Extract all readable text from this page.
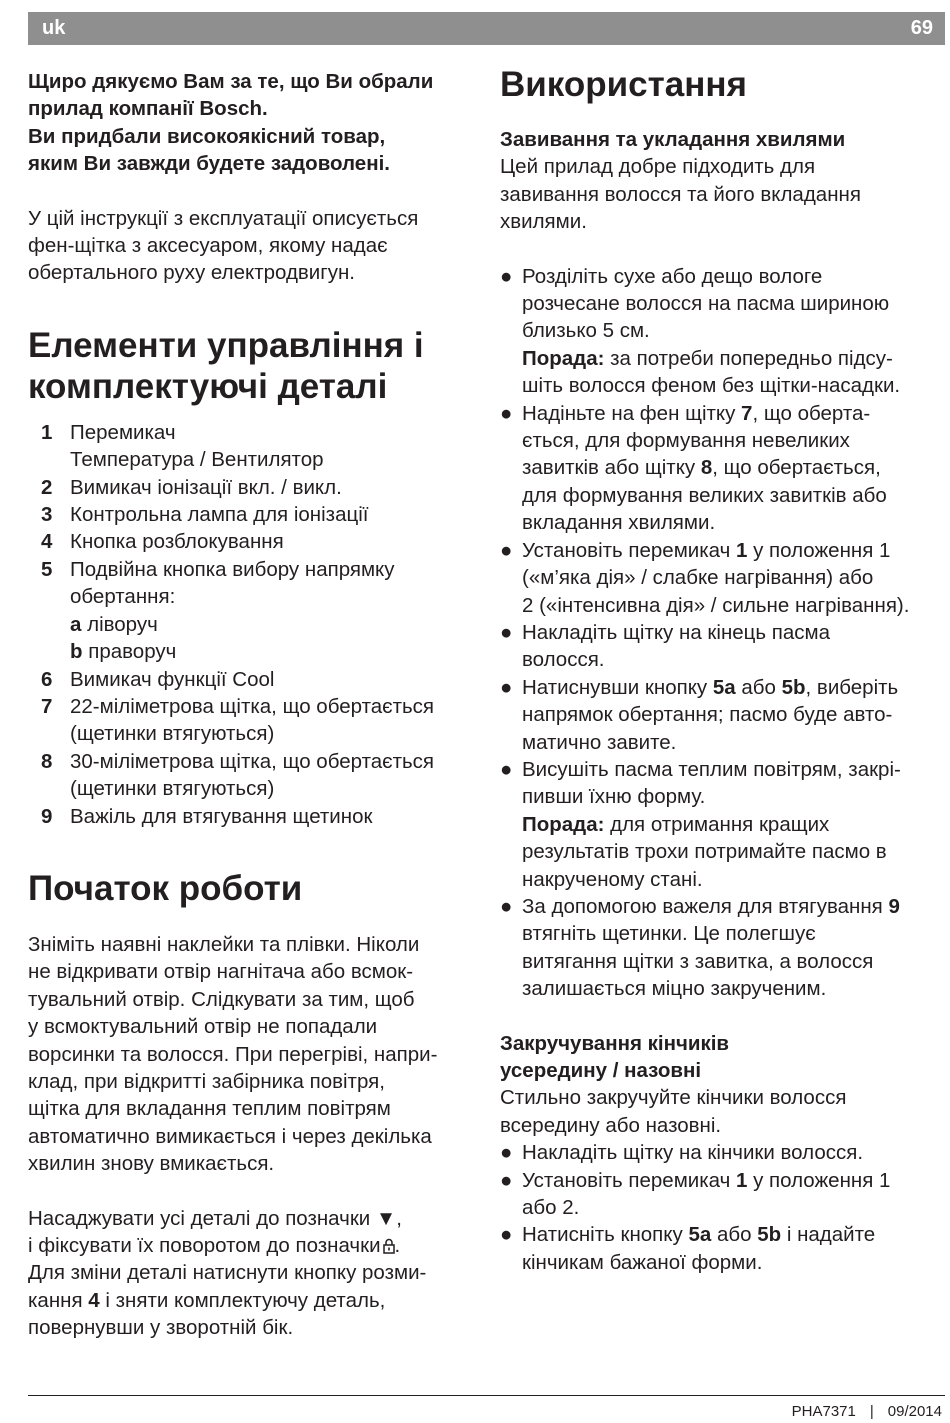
uk	69

Щиро дякуємо Вам за те, що Ви обрали
прилад компанії Bosch.
Ви придбали високоякісний товар,
яким Ви завжди будете задоволені.

У цій інструкції з експлуатації описується
фен-щітка з аксесуаром, якому надає
обертального руху електродвигун.

Елементи управління і
комплектуючі деталі
1 Перемикач
Температура / Вентилятор
2 Вимикач іонізації вкл. / викл.
3 Контрольна лампа для іонізації
4 Кнопка розблокування
5 Подвійна кнопка вибору напрямку
обертання:
a ліворуч
b праворуч
6 Вимикач функції Cool
7 22-міліметрова щітка, що обертається
(щетинки втягуються)
8 30-міліметрова щітка, що обертається
(щетинки втягуються)
9 Важіль для втягування щетинок
Початок роботи

Зніміть наявні наклейки та плівки. Ніколи
не відкривати отвір нагнітача або всмок-
тувальний отвір. Слідкувати за тим, щоб
у всмоктувальний отвір не попадали
ворсинки та волосся. При перегріві, напри-
клад, при відкритті забірника повітря,
щітка для вкладання теплим повітрям
автоматично вимикається і через декілька
хвилин знову вмикається.

Насаджувати усі деталі до позначки ▼,
і фіксувати їх поворотом до позначки .
Для зміни деталі натиснути кнопку розми-
кання 4 і зняти комплектуючу деталь,
повернувши у зворотній бік.

Використання
Завивання та укладання хвилями

Цей прилад добре підходить для
завивання волосся та його вкладання
хвилями.

● Розділіть сухе або дещо вологе
розчесане волосся на пасма шириною
близько 5 см.
Порада: за потреби попередньо підсу-
шіть волосся феном без щітки-насадки.
● Надіньте на фен щітку 7, що оберта-
ється, для формування невеликих
завитків або щітку 8, що обертається,
для формування великих завитків або
вкладання хвилями.
● Установіть перемикач 1 у положення 1
(«м’яка дія» / слабке нагрівання) або
2 («інтенсивна дія» / сильне нагрівання).
● Накладіть щітку на кінець пасма
волосся.
● Натиснувши кнопку 5a або 5b, виберіть
напрямок обертання; пасмо буде авто-
матично завите.
● Висушіть пасма теплим повітрям, закрі-
пивши їхню форму.
Порада: для отримання кращих
результатів трохи потримайте пасмо в
накрученому стані.
● За допомогою важеля для втягування 9
втягніть щетинки. Це полегшує
витягання щітки з завитка, а волосся
залишається міцно закрученим.
Закручування кінчиків
усередину / назовні

Стильно закручуйте кінчики волосся
всередину або назовні.

● Накладіть щітку на кінчики волосся.
● Установіть перемикач 1 у положення 1
або 2.
● Натисніть кнопку 5a або 5b і надайте
кінчикам бажаної форми.
PHA7371 | 09/2014
